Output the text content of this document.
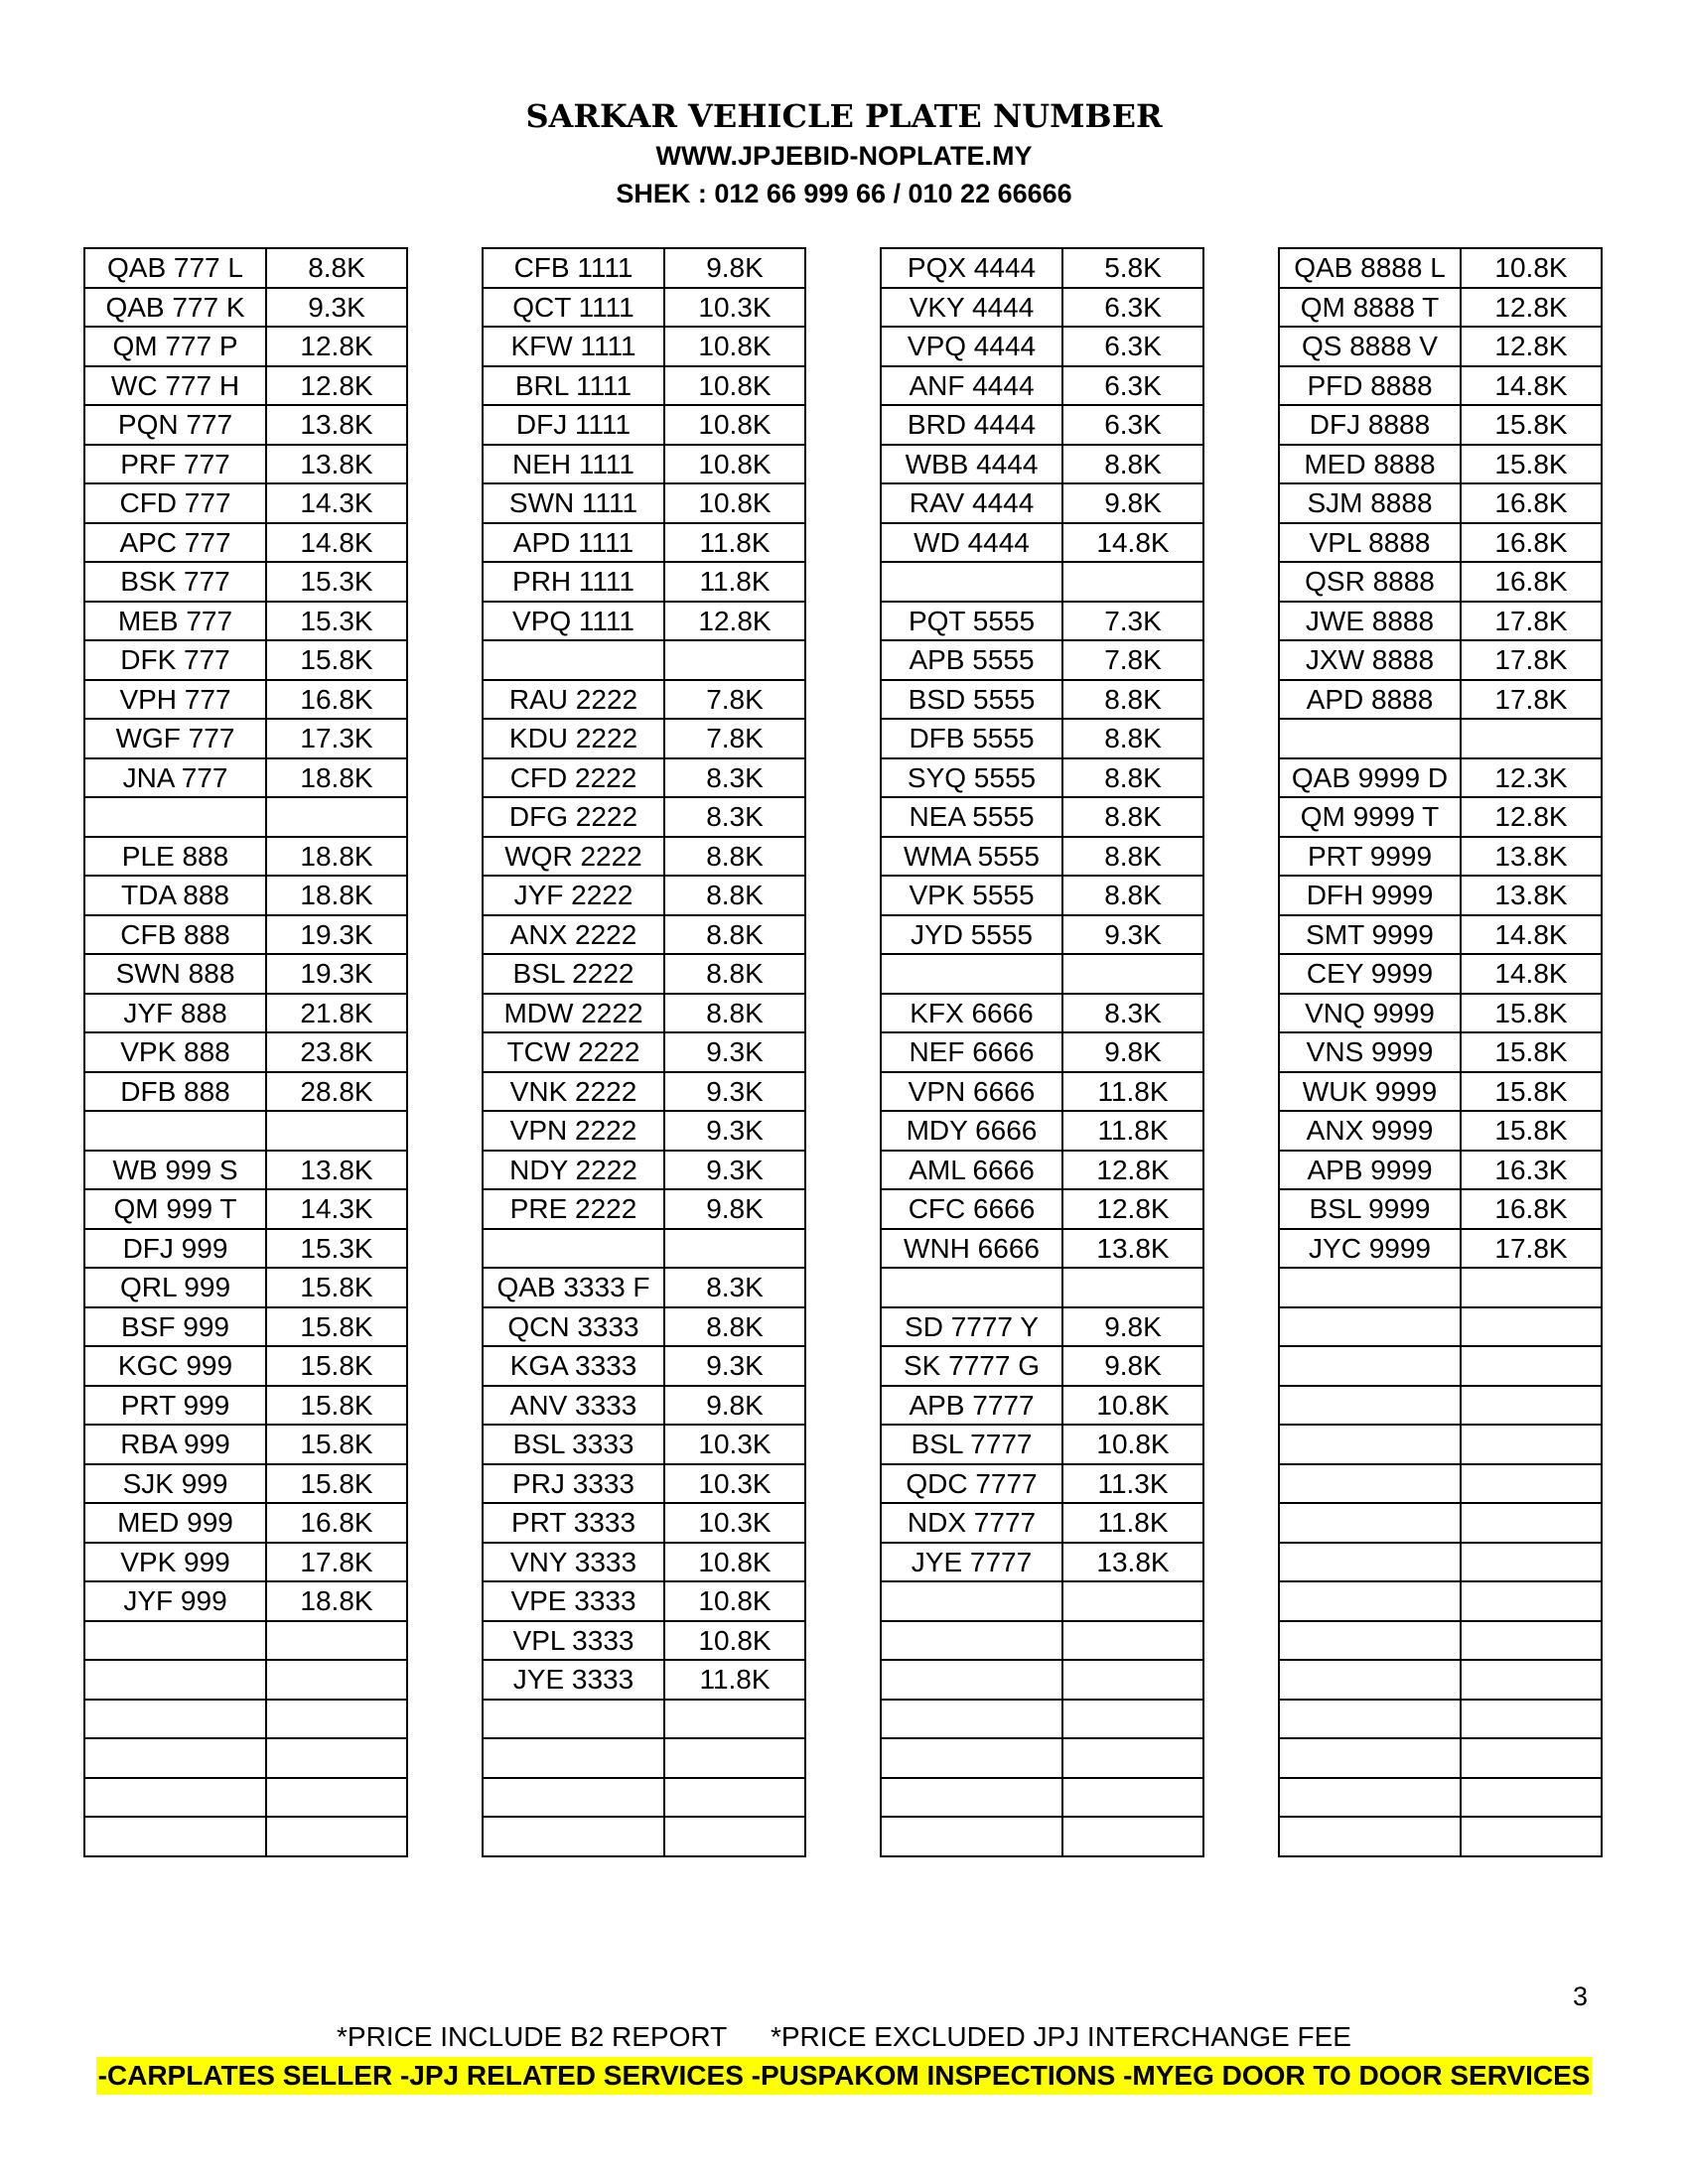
SARKAR VEHICLE PLATE NUMBER
WWW.JPJEBID-NOPLATE.MY
SHEK : 012 66 999 66 / 010 22 66666
QAB 777 L	8.8K
QAB 777 K	9.3K
QM 777 P	12.8K
WC 777 H	12.8K
PQN 777	13.8K
PRF 777	13.8K
CFD 777	14.3K
APC 777	14.8K
BSK 777	15.3K
MEB 777	15.3K
DFK 777	15.8K
VPH 777	16.8K
WGF 777	17.3K
JNA 777	18.8K

PLE 888	18.8K
TDA 888	18.8K
CFB 888	19.3K
SWN 888	19.3K
JYF 888	21.8K
VPK 888	23.8K
DFB 888	28.8K

WB 999 S	13.8K
QM 999 T	14.3K
DFJ 999	15.3K
QRL 999	15.8K
BSF 999	15.8K
KGC 999	15.8K
PRT 999	15.8K
RBA 999	15.8K
SJK 999	15.8K
MED 999	16.8K
VPK 999	17.8K
JYF 999	18.8K

CFB 1111	9.8K
QCT 1111	10.3K
KFW 1111	10.8K
BRL 1111	10.8K
DFJ 1111	10.8K
NEH 1111	10.8K
SWN 1111	10.8K
APD 1111	11.8K
PRH 1111	11.8K
VPQ 1111	12.8K

RAU 2222	7.8K
KDU 2222	7.8K
CFD 2222	8.3K
DFG 2222	8.3K
WQR 2222	8.8K
JYF 2222	8.8K
ANX 2222	8.8K
BSL 2222	8.8K
MDW 2222	8.8K
TCW 2222	9.3K
VNK 2222	9.3K
VPN 2222	9.3K
NDY 2222	9.3K
PRE 2222	9.8K

QAB 3333 F	8.3K
QCN 3333	8.8K
KGA 3333	9.3K
ANV 3333	9.8K
BSL 3333	10.3K
PRJ 3333	10.3K
PRT 3333	10.3K
VNY 3333	10.8K
VPE 3333	10.8K
VPL 3333	10.8K
JYE 3333	11.8K

PQX 4444	5.8K
VKY 4444	6.3K
VPQ 4444	6.3K
ANF 4444	6.3K
BRD 4444	6.3K
WBB 4444	8.8K
RAV 4444	9.8K
WD 4444	14.8K

PQT 5555	7.3K
APB 5555	7.8K
BSD 5555	8.8K
DFB 5555	8.8K
SYQ 5555	8.8K
NEA 5555	8.8K
WMA 5555	8.8K
VPK 5555	8.8K
JYD 5555	9.3K

KFX 6666	8.3K
NEF 6666	9.8K
VPN 6666	11.8K
MDY 6666	11.8K
AML 6666	12.8K
CFC 6666	12.8K
WNH 6666	13.8K

SD 7777 Y	9.8K
SK 7777 G	9.8K
APB 7777	10.8K
BSL 7777	10.8K
QDC 7777	11.3K
NDX 7777	11.8K
JYE 7777	13.8K

QAB 8888 L	10.8K
QM 8888 T	12.8K
QS 8888 V	12.8K
PFD 8888	14.8K
DFJ 8888	15.8K
MED 8888	15.8K
SJM 8888	16.8K
VPL 8888	16.8K
QSR 8888	16.8K
JWE 8888	17.8K
JXW 8888	17.8K
APD 8888	17.8K

QAB 9999 D	12.3K
QM 9999 T	12.8K
PRT 9999	13.8K
DFH 9999	13.8K
SMT 9999	14.8K
CEY 9999	14.8K
VNQ 9999	15.8K
VNS 9999	15.8K
WUK 9999	15.8K
ANX 9999	15.8K
APB 9999	16.3K
BSL 9999	16.8K
JYC 9999	17.8K

3
*PRICE INCLUDE B2 REPORT *PRICE EXCLUDED JPJ INTERCHANGE FEE
-CARPLATES SELLER -JPJ RELATED SERVICES -PUSPAKOM INSPECTIONS -MYEG DOOR TO DOOR SERVICES
